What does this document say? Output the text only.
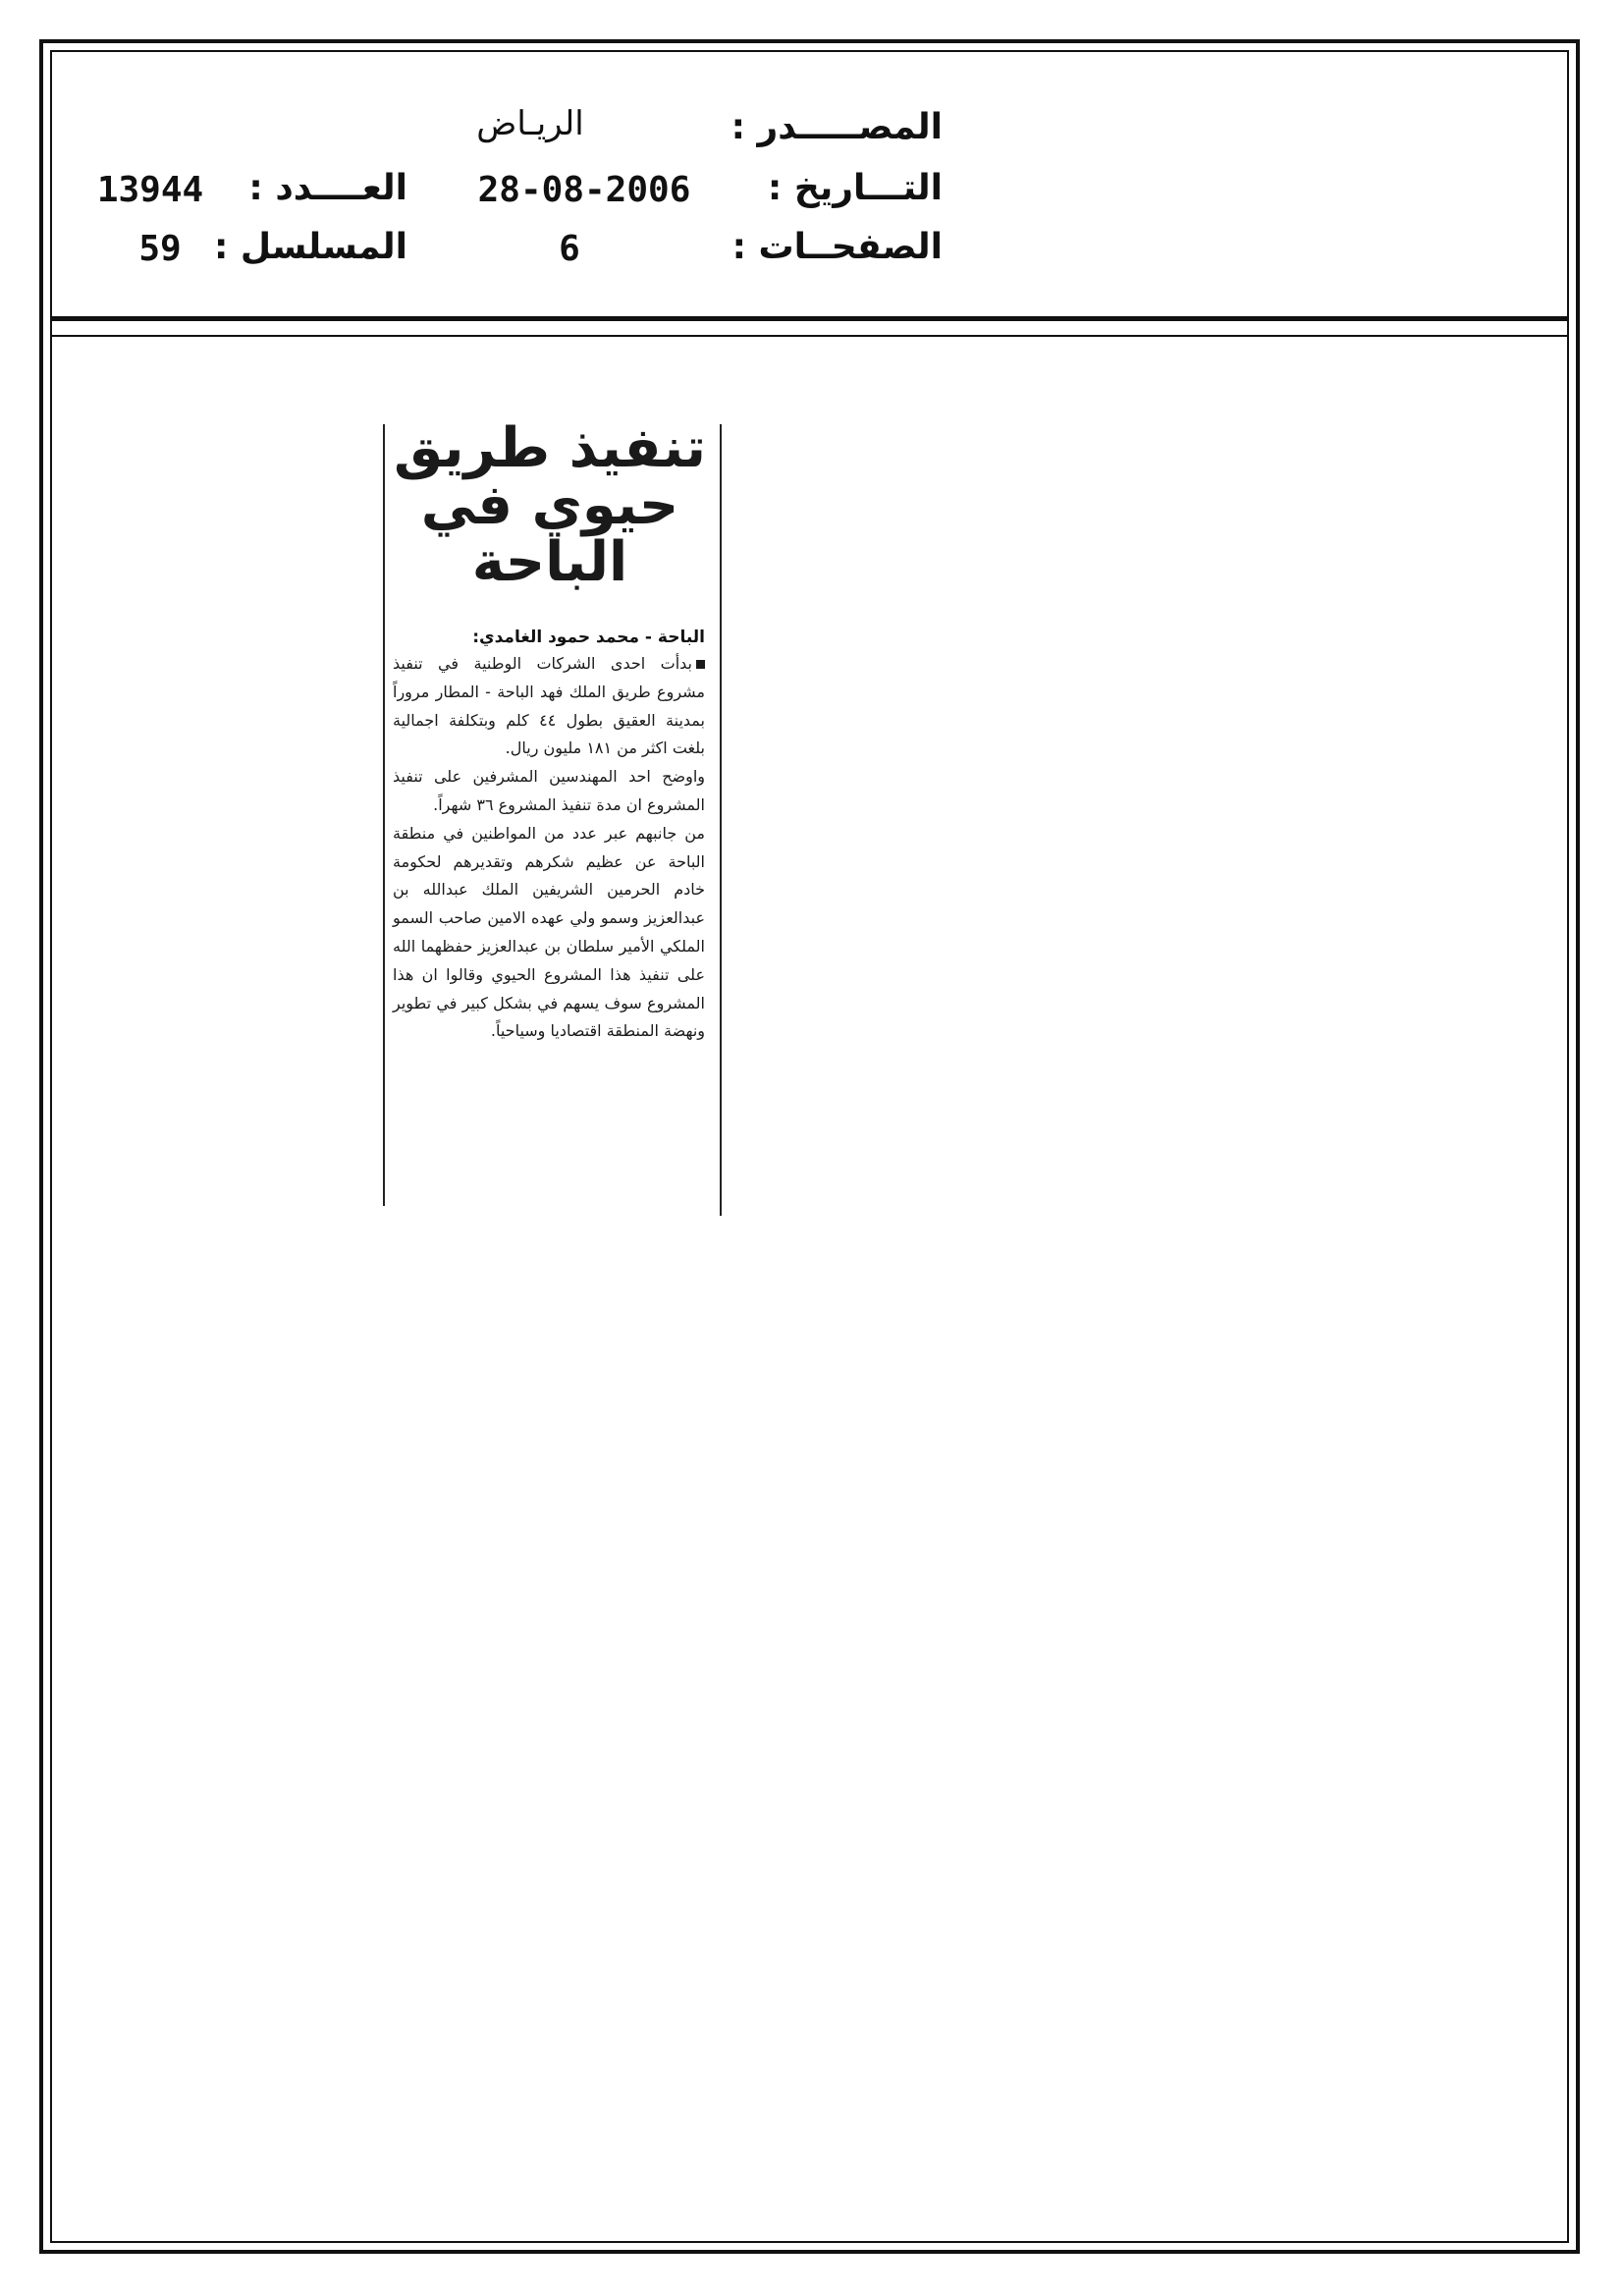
المصـــــدر :
الريـاض
التـــاريخ :
28-08-2006
العــــدد :
13944
الصفحــات :
6
المسلسل :
59
تنفيذ طريق حيوي في الباحة
الباحة - محمد حمود الغامدي:

بدأت احدى الشركات الوطنية في تنفيذ مشروع طريق الملك فهد الباحة - المطار مروراً بمدينة العقيق بطول ٤٤ كلم وبتكلفة اجمالية بلغت اكثر من ١٨١ مليون ريال.

واوضح احد المهندسين المشرفين على تنفيذ المشروع ان مدة تنفيذ المشروع ٣٦ شهراً.

من جانبهم عبر عدد من المواطنين في منطقة الباحة عن عظيم شكرهم وتقديرهم لحكومة خادم الحرمين الشريفين الملك عبدالله بن عبدالعزيز وسمو ولي عهده الامين صاحب السمو الملكي الأمير سلطان بن عبدالعزيز حفظهما الله على تنفيذ هذا المشروع الحيوي وقالوا ان هذا المشروع سوف يسهم في بشكل كبير في تطوير ونهضة المنطقة اقتصاديا وسياحياً.
